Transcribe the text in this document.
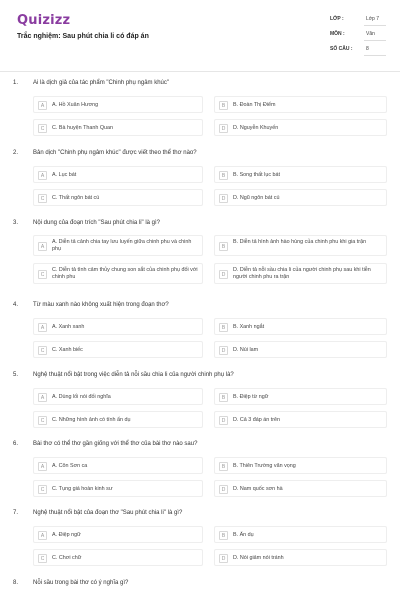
Quizizz
Trắc nghiệm: Sau phút chia li có đáp án
LỚP :	Lớp 7
MÔN :	Văn
SỐ CÂU :	8
1. Ai là dịch giả của tác phẩm "Chinh phụ ngâm khúc"
A	A. Hồ Xuân Hương	B	B. Đoàn Thị Điểm
C	C. Bà huyện Thanh Quan	D	D. Nguyễn Khuyến
2. Bản dịch "Chinh phụ ngâm khúc" được viết theo thể thơ nào?
A	A. Lục bát	B	B. Song thất lục bát
C	C. Thất ngôn bát cú	D	D. Ngũ ngôn bát cú
3. Nội dung của đoạn trích "Sau phút chia li" là gì?
A
A. Diễn tả cảnh chia tay lưu luyến giữa chinh phu và chinh phụ	B
B. Diễn tả hình ảnh hào hùng của chinh phu khi gia trận
C
C. Diễn tả tình cảm thủy chung son sắt của chinh phụ đối với chinh phu	D
D. Diễn tả nỗi sầu chia li của người chinh phụ sau khi tiễn người chinh phu ra trận
4. Từ màu xanh nào không xuất hiện trong đoạn thơ?
A	A. Xanh xanh	B	B. Xanh ngắt
C	C. Xanh biếc	D	D. Núi lam
5. Nghệ thuật nổi bật trong việc diễn tả nỗi sầu chia li của người chinh phụ là?
A	A. Dùng lối nói đối nghĩa	B	B. Điệp từ ngữ
C	C. Những hình ảnh có tính ẩn dụ	D	D. Cả 3 đáp án trên
6. Bài thơ có thể thơ gần giống với thể thơ của bài thơ nào sau?
A	A. Côn Sơn ca	B	B. Thiên Trường vãn vọng
C	C. Tụng giá hoàn kinh sư	D	D. Nam quốc sơn hà
7. Nghệ thuật nổi bật của đoạn thơ "Sau phút chia li" là gì?
A	A. Điệp ngữ	B	B. Ẩn dụ
C	C. Chơi chữ	D	D. Nói giảm nói tránh
8. Nỗi sầu trong bài thơ có ý nghĩa gì?
